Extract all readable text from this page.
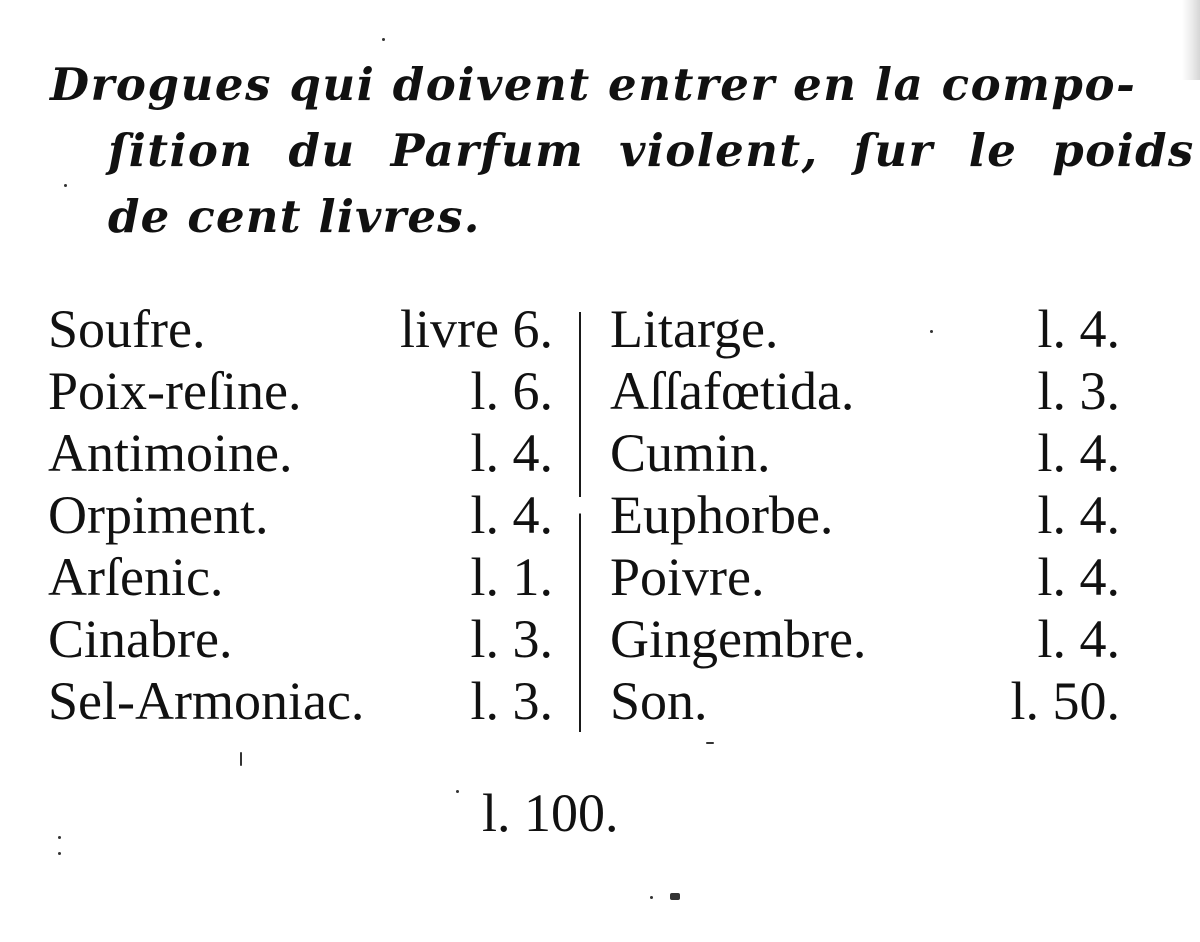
Drogues qui doivent entrer en la compo-
ſition du Parfum violent, ſur le poids
de cent livres.
Soufre.	livre 6.
Poix-reſine.	l. 6.
Antimoine.	l. 4.
Orpiment.	l. 4.
Arſenic.	l. 1.
Cinabre.	l. 3.
Sel-Armoniac. l. 3.
Litarge.	l. 4.
Aſſafœtida.	l. 3.
Cumin.	l. 4.
Euphorbe.	l. 4.
Poivre.	l. 4.
Gingembre.	l. 4.
Son.	l. 50.
l. 100.
